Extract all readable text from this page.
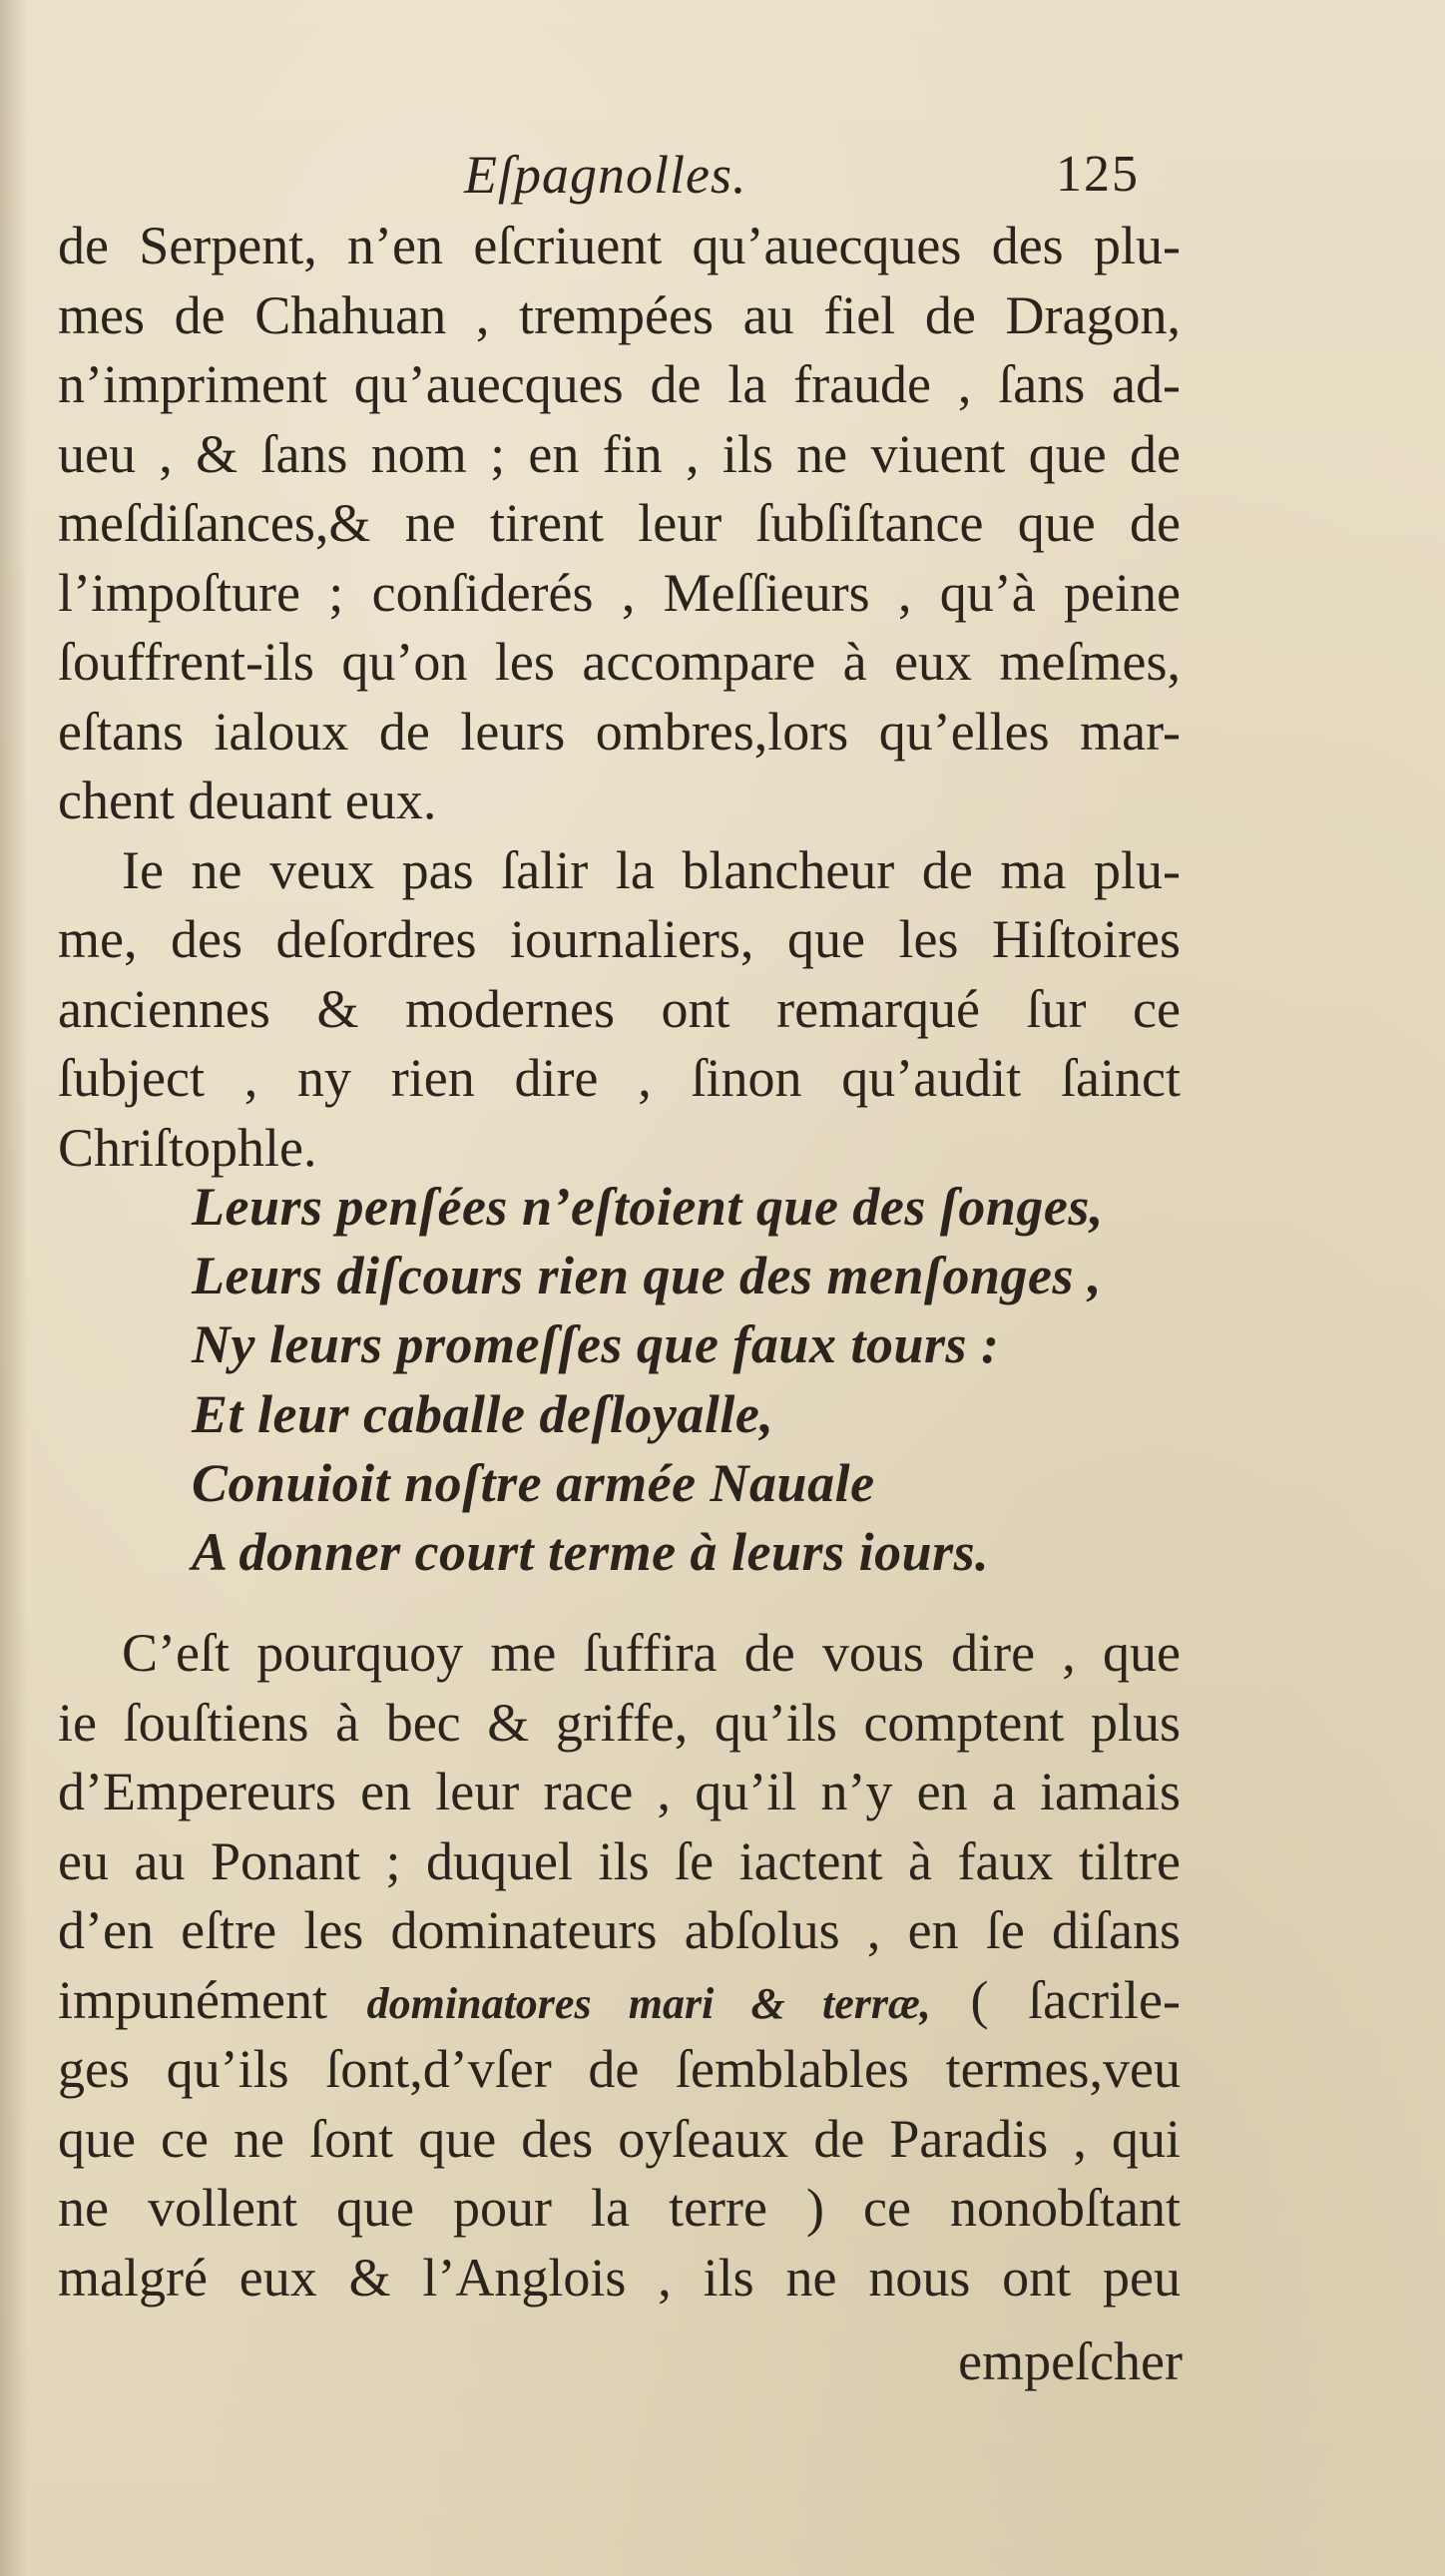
Eſpagnolles.	125
de Serpent, n’en eſcriuent qu’auecques des plu-
mes de Chahuan , trempées au fiel de Dragon,
n’impriment qu’auecques de la fraude , ſans ad-
ueu , & ſans nom ; en fin , ils ne viuent que de
meſdiſances,& ne tirent leur ſubſiſtance que de
l’impoſture ; conſiderés , Meſſieurs , qu’à peine
ſouffrent-ils qu’on les accompare à eux meſmes,
eſtans ialoux de leurs ombres,lors qu’elles mar-
chent deuant eux.
Ie ne veux pas ſalir la blancheur de ma plu-
me, des deſordres iournaliers, que les Hiſtoires
anciennes & modernes ont remarqué ſur ce
ſubject , ny rien dire , ſinon qu’audit ſainct
Chriſtophle.
Leurs penſées n’eſtoient que des ſonges,
Leurs diſcours rien que des menſonges ,
Ny leurs promeſſes que faux tours :
Et leur caballe deſloyalle,
Conuioit noſtre armée Nauale
A donner court terme à leurs iours.
C’eſt pourquoy me ſuffira de vous dire , que
ie ſouſtiens à bec & griffe, qu’ils comptent plus
d’Empereurs en leur race , qu’il n’y en a iamais
eu au Ponant ; duquel ils ſe iactent à faux tiltre
d’en eſtre les dominateurs abſolus , en ſe diſans
impunément dominatores mari & terræ, ( ſacrile-
ges qu’ils ſont,d’vſer de ſemblables termes,veu
que ce ne ſont que des oyſeaux de Paradis , qui
ne vollent que pour la terre ) ce nonobſtant
malgré eux & l’Anglois , ils ne nous ont peu
empeſcher
